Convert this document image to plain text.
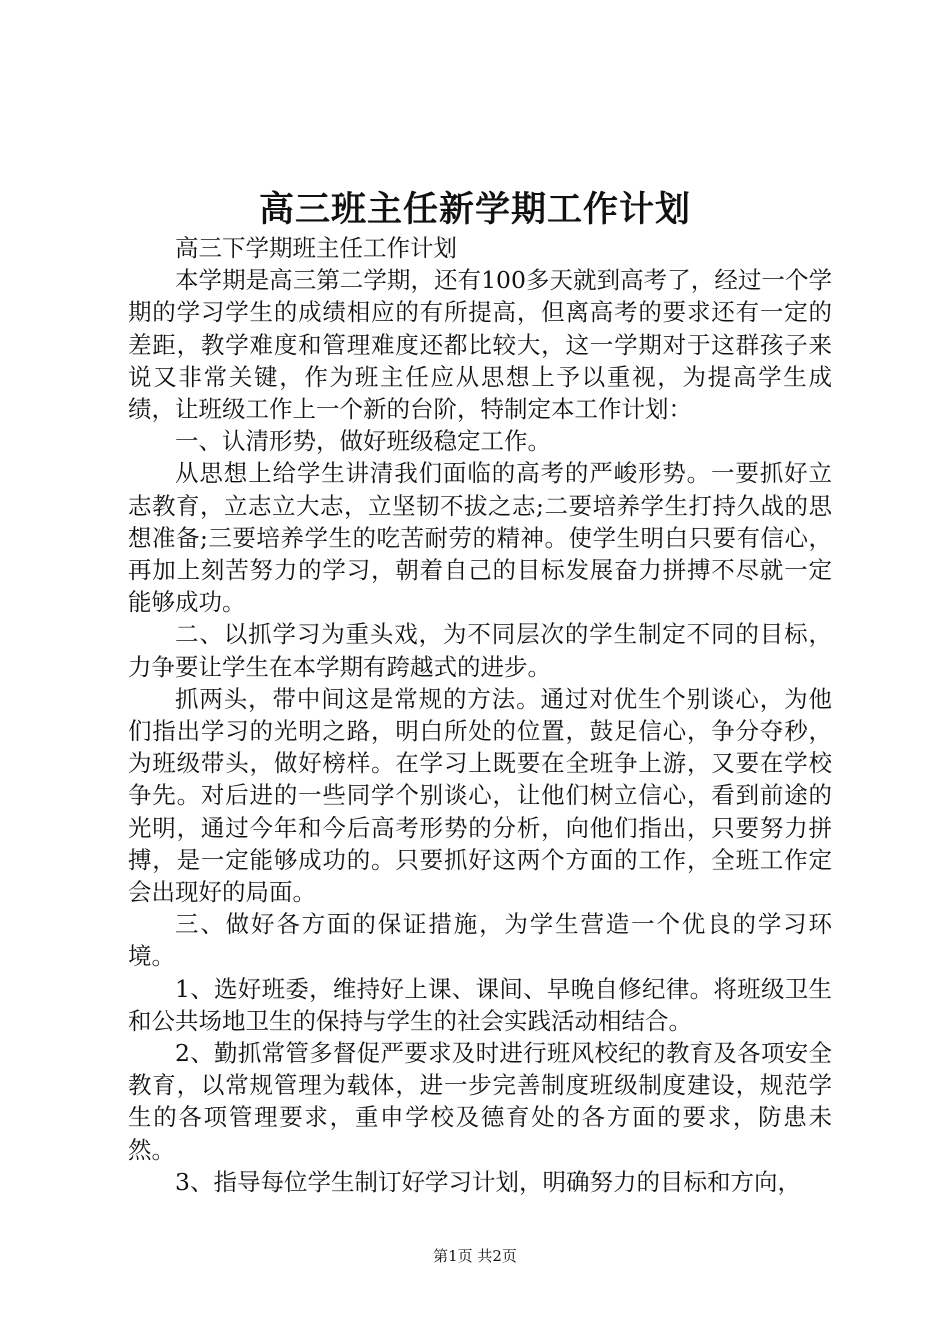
高三班主任新学期工作计划

高三下学期班主任工作计划

本学期是高三第二学期，还有100多天就到高考了，经过一个学期的学习学生的成绩相应的有所提高，但离高考的要求还有一定的差距，教学难度和管理难度还都比较大，这一学期对于这群孩子来说又非常关键，作为班主任应从思想上予以重视，为提高学生成绩，让班级工作上一个新的台阶，特制定本工作计划：

一、认清形势，做好班级稳定工作。

从思想上给学生讲清我们面临的高考的严峻形势。一要抓好立志教育，立志立大志，立坚韧不拔之志;二要培养学生打持久战的思想准备;三要培养学生的吃苦耐劳的精神。使学生明白只要有信心，再加上刻苦努力的学习，朝着自己的目标发展奋力拼搏不尽就一定能够成功。

二、以抓学习为重头戏，为不同层次的学生制定不同的目标，力争要让学生在本学期有跨越式的进步。

抓两头，带中间这是常规的方法。通过对优生个别谈心，为他们指出学习的光明之路，明白所处的位置，鼓足信心，争分夺秒，为班级带头，做好榜样。在学习上既要在全班争上游，又要在学校争先。对后进的一些同学个别谈心，让他们树立信心，看到前途的光明，通过今年和今后高考形势的分析，向他们指出，只要努力拼搏，是一定能够成功的。只要抓好这两个方面的工作，全班工作定会出现好的局面。

三、做好各方面的保证措施，为学生营造一个优良的学习环境。

1、选好班委，维持好上课、课间、早晚自修纪律。将班级卫生和公共场地卫生的保持与学生的社会实践活动相结合。

2、勤抓常管多督促严要求及时进行班风校纪的教育及各项安全教育，以常规管理为载体，进一步完善制度班级制度建设，规范学生的各项管理要求，重申学校及德育处的各方面的要求，防患未然。

3、指导每位学生制订好学习计划，明确努力的目标和方向，

第1页 共2页
